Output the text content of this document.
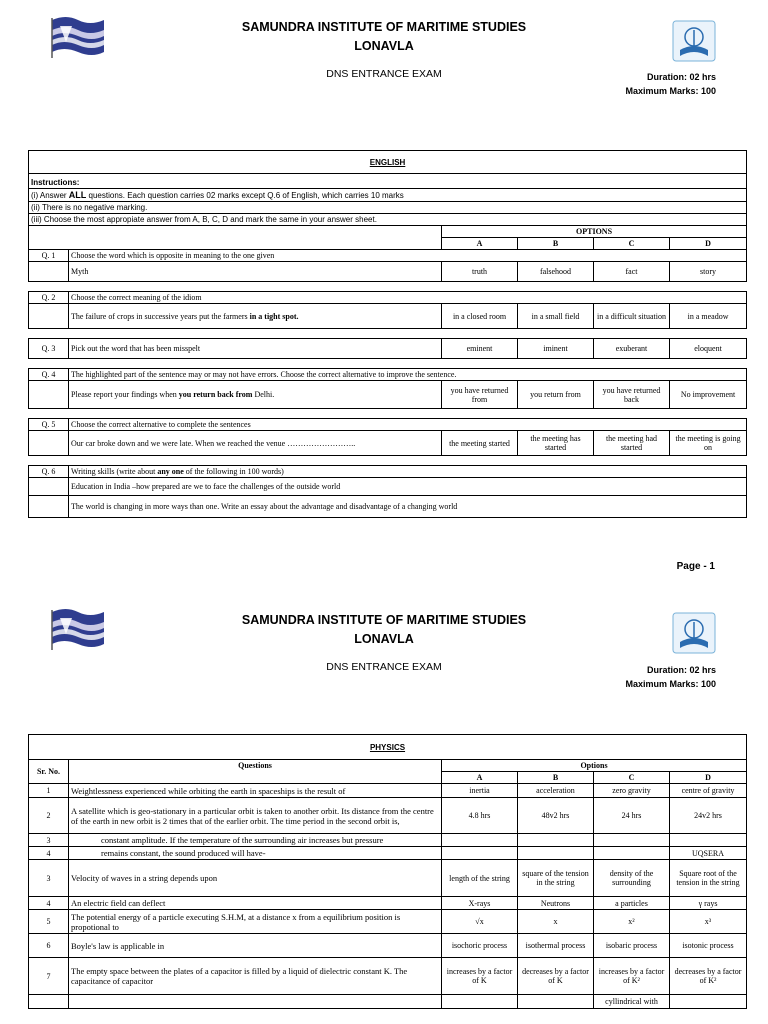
SAMUNDRA INSTITUTE OF MARITIME STUDIES
LONAVLA
DNS ENTRANCE EXAM	Duration: 02 hrs
Maximum Marks: 100
ENGLISH					
Instructions:					
(i) Answer ALL questions. Each question carries 02 marks except Q.6 of English, which carries 10 marks					
(ii) There is no negative marking.					
(iii) Choose the most appropiate answer from A, B, C, D and mark the same in your answer sheet.					
		OPTIONS			
		A	B	C	D
Q. 1	Choose the word which is opposite in meaning to the one given				
	Myth	truth	falsehood	fact	story

Q. 2	Choose the correct meaning of the idiom				
	The failure of crops in successive years put the farmers in a tight spot.	in a closed room	in a small field	in a difficult situation	in a meadow

Q. 3	Pick out the word that has been misspelt	eminent	iminent	exuberant	eloquent

Q. 4	The highlighted part of the sentence may or may not have errors. Choose the correct alternative to improve the sentence.				
	Please report your findings when you return back from Delhi.	you have returned from	you return from	you have returned back	No improvement

Q. 5	Choose the correct alternative to complete the sentences				
	Our car broke down and we were late. When we reached the venue ……………………..	the meeting started	the meeting has started	the meeting had started	the meeting is going on

Q. 6	Writing skills (write about any one of the following in 100 words)				
	Education in India –how prepared are we to face the challenges of the outside world				
	The world is changing in more ways than one. Write an essay about the advantage and disadvantage of a changing world				
Page - 1
SAMUNDRA INSTITUTE OF MARITIME STUDIES
LONAVLA
DNS ENTRANCE EXAM	Duration: 02 hrs
Maximum Marks: 100
PHYSICS					
Sr. No.	Questions	Options			
		A	B	C	D
1	Weightlessness experienced while orbiting the earth in spaceships is the result of	inertia	acceleration	zero gravity	centre of gravity
2	A satellite which is geo-stationary in a particular orbit is taken to another orbit. Its distance from the centre of the earth in new orbit is 2 times that of the earlier orbit. The time period in the second orbit is,	4.8 hrs	48v2 hrs	24 hrs	24v2 hrs
3	constant amplitude. If the temperature of the surrounding air increases but pressure				
4	remains constant, the sound produced will have-				UQSERA
3	Velocity of waves in a string depends upon	length of the string	square of the tension in the string	density of the surrounding	Square root of the tension in the string
4	An electric field can deflect	X-rays	Neutrons	a particles	γ rays
5	The potential energy of a particle executing S.H.M, at a distance x from a equilibrium position is propotional to	√x	x	x²	x³
6	Boyle's law is applicable in	isochoric process	isothermal process	isobaric process	isotonic process
7	The empty space between the plates of a capacitor is filled by a liquid of dielectric constant K. The capacitance of capacitor	increases by a factor of K	decreases by a factor of K	increases by a factor of K²	decreases by a factor of K²
				cyllindrical with	
